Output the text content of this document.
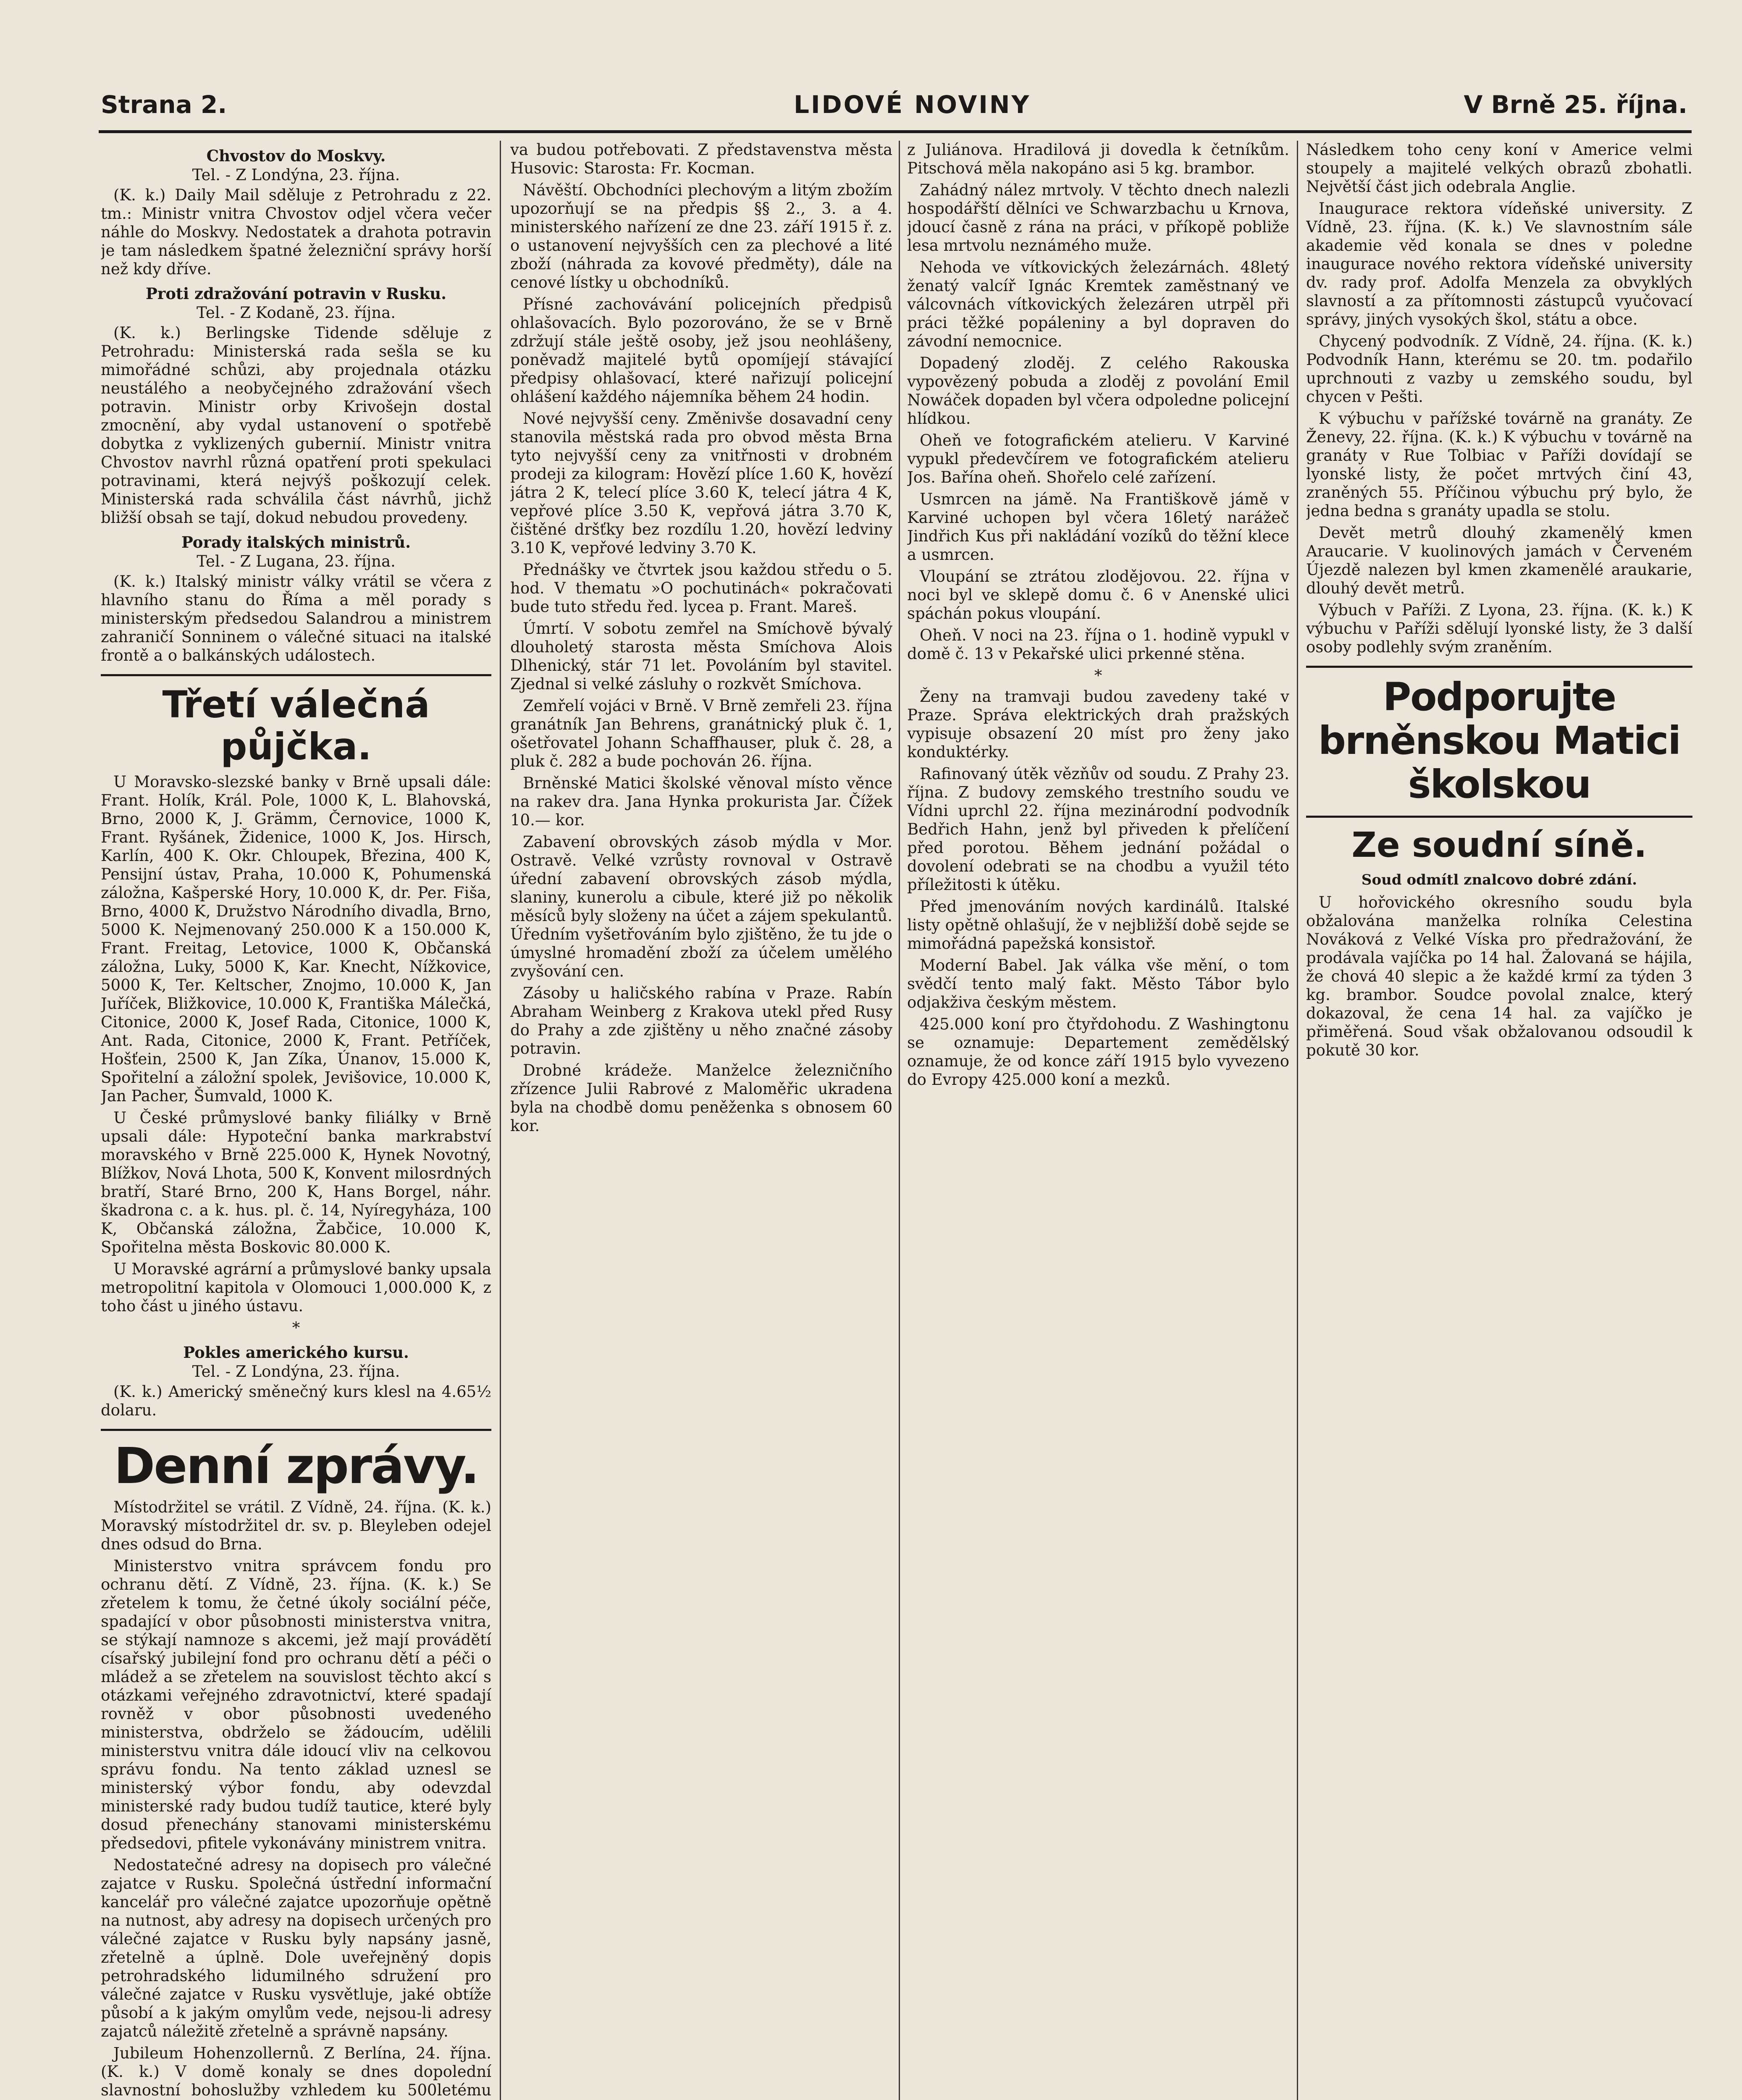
Strana 2.	LIDOVÉ NOVINY	V Brně 25. října.
Chvostov do Moskvy.
Tel. - Z Londýna, 23. října.

(K. k.) Daily Mail sděluje z Petrohradu z 22. tm.: Ministr vnitra Chvostov odjel včera večer náhle do Moskvy. Nedostatek a drahota potravin je tam následkem špatné železniční správy horší než kdy dříve.

Proti zdražování potravin v Rusku.
Tel. - Z Kodaně, 23. října.

(K. k.) Berlingske Tidende sděluje z Petrohradu: Ministerská rada sešla se ku mimořádné schůzi, aby projednala otázku neustálého a neobyčejného zdražování všech potravin. Ministr orby Krivošejn dostal zmocnění, aby vydal ustanovení o spotřebě dobytka z vyklizených gubernií. Ministr vnitra Chvostov navrhl různá opatření proti spekulaci potravinami, která nejvýš poškozují celek. Ministerská rada schválila část návrhů, jichž bližší obsah se tají, dokud nebudou provedeny.

Porady italských ministrů.
Tel. - Z Lugana, 23. října.

(K. k.) Italský ministr války vrátil se včera z hlavního stanu do Říma a měl porady s ministerským předsedou Salandrou a ministrem zahraničí Sonninem o válečné situaci na italské frontě a o balkánských událostech.

Třetí válečná půjčka.

U Moravsko-slezské banky v Brně upsali dále: Frant. Holík, Král. Pole, 1000 K, L. Blahovská, Brno, 2000 K, J. Grämm, Černovice, 1000 K, Frant. Ryšánek, Židenice, 1000 K, Jos. Hirsch, Karlín, 400 K. Okr. Chloupek, Březina, 400 K, Pensijní ústav, Praha, 10.000 K, Pohumenská záložna, Kašperské Hory, 10.000 K, dr. Per. Fiša, Brno, 4000 K, Družstvo Národního divadla, Brno, 5000 K. Nejmenovaný 250.000 K a 150.000 K, Frant. Freitag, Letovice, 1000 K, Občanská záložna, Luky, 5000 K, Kar. Knecht, Nížkovice, 5000 K, Ter. Keltscher, Znojmo, 10.000 K, Jan Juříček, Bližkovice, 10.000 K, Františka Málečká, Citonice, 2000 K, Josef Rada, Citonice, 1000 K, Ant. Rada, Citonice, 2000 K, Frant. Petříček, Hošťein, 2500 K, Jan Zíka, Únanov, 15.000 K, Spořitelní a záložní spolek, Jevišovice, 10.000 K, Jan Pacher, Šumvald, 1000 K.

U České průmyslové banky filiálky v Brně upsali dále: Hypoteční banka markrabství moravského v Brně 225.000 K, Hynek Novotný, Blížkov, Nová Lhota, 500 K, Konvent milosrdných bratří, Staré Brno, 200 K, Hans Borgel, náhr. škadrona c. a k. hus. pl. č. 14, Nyíregyháza, 100 K, Občanská záložna, Žabčice, 10.000 K, Spořitelna města Boskovic 80.000 K.

U Moravské agrární a průmyslové banky upsala metropolitní kapitola v Olomouci 1,000.000 K, z toho část u jiného ústavu.

*
Pokles amerického kursu.
Tel. - Z Londýna, 23. října.

(K. k.) Americký směnečný kurs klesl na 4.65½ dolaru.

Denní zprávy.

Místodržitel se vrátil. Z Vídně, 24. října. (K. k.) Moravský místodržitel dr. sv. p. Bleyleben odejel dnes odsud do Brna.

Ministerstvo vnitra správcem fondu pro ochranu dětí. Z Vídně, 23. října. (K. k.) Se zřetelem k tomu, že četné úkoly sociální péče, spadající v obor působnosti ministerstva vnitra, se stýkají namnoze s akcemi, jež mají provádětí císařský jubilejní fond pro ochranu dětí a péči o mládež a se zřetelem na souvislost těchto akcí s otázkami veřejného zdravotnictví, které spadají rovněž v obor působnosti uvedeného ministerstva, obdrželo se žádoucím, udělili ministerstvu vnitra dále idoucí vliv na celkovou správu fondu. Na tento základ uznesl se ministerský výbor fondu, aby odevzdal ministerské rady budou tudíž tautice, které byly dosud přenechány stanovami ministerskému předsedovi, pfitele vykonávány ministrem vnitra.

Nedostatečné adresy na dopisech pro válečné zajatce v Rusku. Společná ústřední informační kancelář pro válečné zajatce upozorňuje opětně na nutnost, aby adresy na dopisech určených pro válečné zajatce v Rusku byly napsány jasně, zřetelně a úplně. Dole uveřejněný dopis petrohradského lidumilného sdružení pro válečné zajatce v Rusku vysvětluje, jaké obtíže působí a k jakým omylům vede, nejsou-li adresy zajatců náležitě zřetelně a správně napsány.

Jubileum Hohenzollernů. Z Berlína, 24. října. (K. k.) V domě konaly se dnes dopolední slavnostní bohoslužby vzhledem ku 500letému

va budou potřebovati. Z představenstva města Husovic: Starosta: Fr. Kocman.

Návěští. Obchodníci plechovým a litým zbožím upozorňují se na předpis §§ 2., 3. a 4. ministerského nařízení ze dne 23. září 1915 ř. z. o ustanovení nejvyšších cen za plechové a lité zboží (náhrada za kovové předměty), dále na cenové lístky u obchodníků.

Přísné zachovávání policejních předpisů ohlašovacích. Bylo pozorováno, že se v Brně zdržují stále ještě osoby, jež jsou neohlášeny, poněvadž majitelé bytů opomíjejí stávající předpisy ohlašovací, které nařizují policejní ohlášení každého nájemníka během 24 hodin.

Nové nejvyšší ceny. Změnivše dosavadní ceny stanovila městská rada pro obvod města Brna tyto nejvyšší ceny za vnitřnosti v drobném prodeji za kilogram: Hovězí plíce 1.60 K, hovězí játra 2 K, telecí plíce 3.60 K, telecí játra 4 K, vepřové plíce 3.50 K, vepřová játra 3.70 K, čištěné dršťky bez rozdílu 1.20, hovězí ledviny 3.10 K, vepřové ledviny 3.70 K.

Přednášky ve čtvrtek jsou každou středu o 5. hod. V thematu »O pochutinách« pokračovati bude tuto středu řed. lycea p. Frant. Mareš.

Úmrtí. V sobotu zemřel na Smíchově bývalý dlouholetý starosta města Smíchova Alois Dlhenický, stár 71 let. Povoláním byl stavitel. Zjednal si velké zásluhy o rozkvět Smíchova.

Zemřelí vojáci v Brně. V Brně zemřeli 23. října granátník Jan Behrens, granátnický pluk č. 1, ošetřovatel Johann Schaffhauser, pluk č. 28, a pluk č. 282 a bude pochován 26. října.

Brněnské Matici školské věnoval místo věnce na rakev dra. Jana Hynka prokurista Jar. Čížek 10.— kor.

Zabavení obrovských zásob mýdla v Mor. Ostravě. Velké vzrůsty rovnoval v Ostravě úřední zabavení obrovských zásob mýdla, slaniny, kunerolu a cibule, které již po několik měsíců byly složeny na účet a zájem spekulantů. Úředním vyšetřováním bylo zjištěno, že tu jde o úmyslné hromadění zboží za účelem umělého zvyšování cen.

Zásoby u haličského rabína v Praze. Rabín Abraham Weinberg z Krakova utekl před Rusy do Prahy a zde zjištěny u něho značné zásoby potravin.

Drobné krádeže. Manželce železničního zřízence Julii Rabrové z Maloměřic ukradena byla na chodbě domu peněženka s obnosem 60 kor.

z Juliánova. Hradilová ji dovedla k četníkům. Pitschová měla nakopáno asi 5 kg. brambor.

Zahádný nález mrtvoly. V těchto dnech nalezli hospodářští dělníci ve Schwarzbachu u Krnova, jdoucí časně z rána na práci, v příkopě pobliže lesa mrtvolu neznámého muže.

Nehoda ve vítkovických železárnách. 48letý ženatý valcíř Ignác Kremtek zaměstnaný ve válcovnách vítkovických železáren utrpěl při práci těžké popáleniny a byl dopraven do závodní nemocnice.

Dopadený zloděj. Z celého Rakouska vypovězený pobuda a zloděj z povolání Emil Nowáček dopaden byl včera odpoledne policejní hlídkou.

Oheň ve fotografickém atelieru. V Karviné vypukl předevčírem ve fotografickém atelieru Jos. Bařína oheň. Shořelo celé zařízení.

Usmrcen na jámě. Na Františkově jámě v Karviné uchopen byl včera 16letý narážeč Jindřich Kus při nakládání vozíků do těžní klece a usmrcen.

Vloupání se ztrátou zlodějovou. 22. října v noci byl ve sklepě domu č. 6 v Anenské ulici spáchán pokus vloupání.

Oheň. V noci na 23. října o 1. hodině vypukl v domě č. 13 v Pekařské ulici prkenné stěna.

*

Ženy na tramvaji budou zavedeny také v Praze. Správa elektrických drah pražských vypisuje obsazení 20 míst pro ženy jako konduktérky.

Rafinovaný útěk vězňův od soudu. Z Prahy 23. října. Z budovy zemského trestního soudu ve Vídni uprchl 22. října mezinárodní podvodník Bedřich Hahn, jenž byl přiveden k přelíčení před porotou. Během jednání požádal o dovolení odebrati se na chodbu a využil této příležitosti k útěku.

Před jmenováním nových kardinálů. Italské listy opětně ohlašují, že v nejbližší době sejde se mimořádná papežská konsistoř.

Moderní Babel. Jak válka vše mění, o tom svědčí tento malý fakt. Město Tábor bylo odjakživa českým městem.

425.000 koní pro čtyřdohodu. Z Washingtonu se oznamuje: Departement zemědělský oznamuje, že od konce září 1915 bylo vyvezeno do Evropy 425.000 koní a mezků.

Následkem toho ceny koní v Americe velmi stoupely a majitelé velkých obrazů zbohatli. Největší část jich odebrala Anglie.

Inaugurace rektora vídeňské university. Z Vídně, 23. října. (K. k.) Ve slavnostním sále akademie věd konala se dnes v poledne inaugurace nového rektora vídeňské university dv. rady prof. Adolfa Menzela za obvyklých slavností a za přítomnosti zástupců vyučovací správy, jiných vysokých škol, státu a obce.

Chycený podvodník. Z Vídně, 24. října. (K. k.) Podvodník Hann, kterému se 20. tm. podařilo uprchnouti z vazby u zemského soudu, byl chycen v Pešti.

K výbuchu v pařížské továrně na granáty. Ze Ženevy, 22. října. (K. k.) K výbuchu v továrně na granáty v Rue Tolbiac v Paříži dovídají se lyonské listy, že počet mrtvých činí 43, zraněných 55. Příčinou výbuchu prý bylo, že jedna bedna s granáty upadla se stolu.

Devět metrů dlouhý zkamenělý kmen Araucarie. V kuolinových jamách v Červeném Újezdě nalezen byl kmen zkamenělé araukarie, dlouhý devět metrů.

Výbuch v Paříži. Z Lyona, 23. října. (K. k.) K výbuchu v Paříži sdělují lyonské listy, že 3 další osoby podlehly svým zraněním.

Podporujte brněnskou Matici školskou
Ze soudní síně.
Soud odmítl znalcovo dobré zdání.

U hořovického okresního soudu byla obžalována manželka rolníka Celestina Nováková z Velké Víska pro předražování, že prodávala vajíčka po 14 hal. Žalovaná se hájila, že chová 40 slepic a že každé krmí za týden 3 kg. brambor. Soudce povolal znalce, který dokazoval, že cena 14 hal. za vajíčko je přiměřená. Soud však obžalovanou odsoudil k pokutě 30 kor.
